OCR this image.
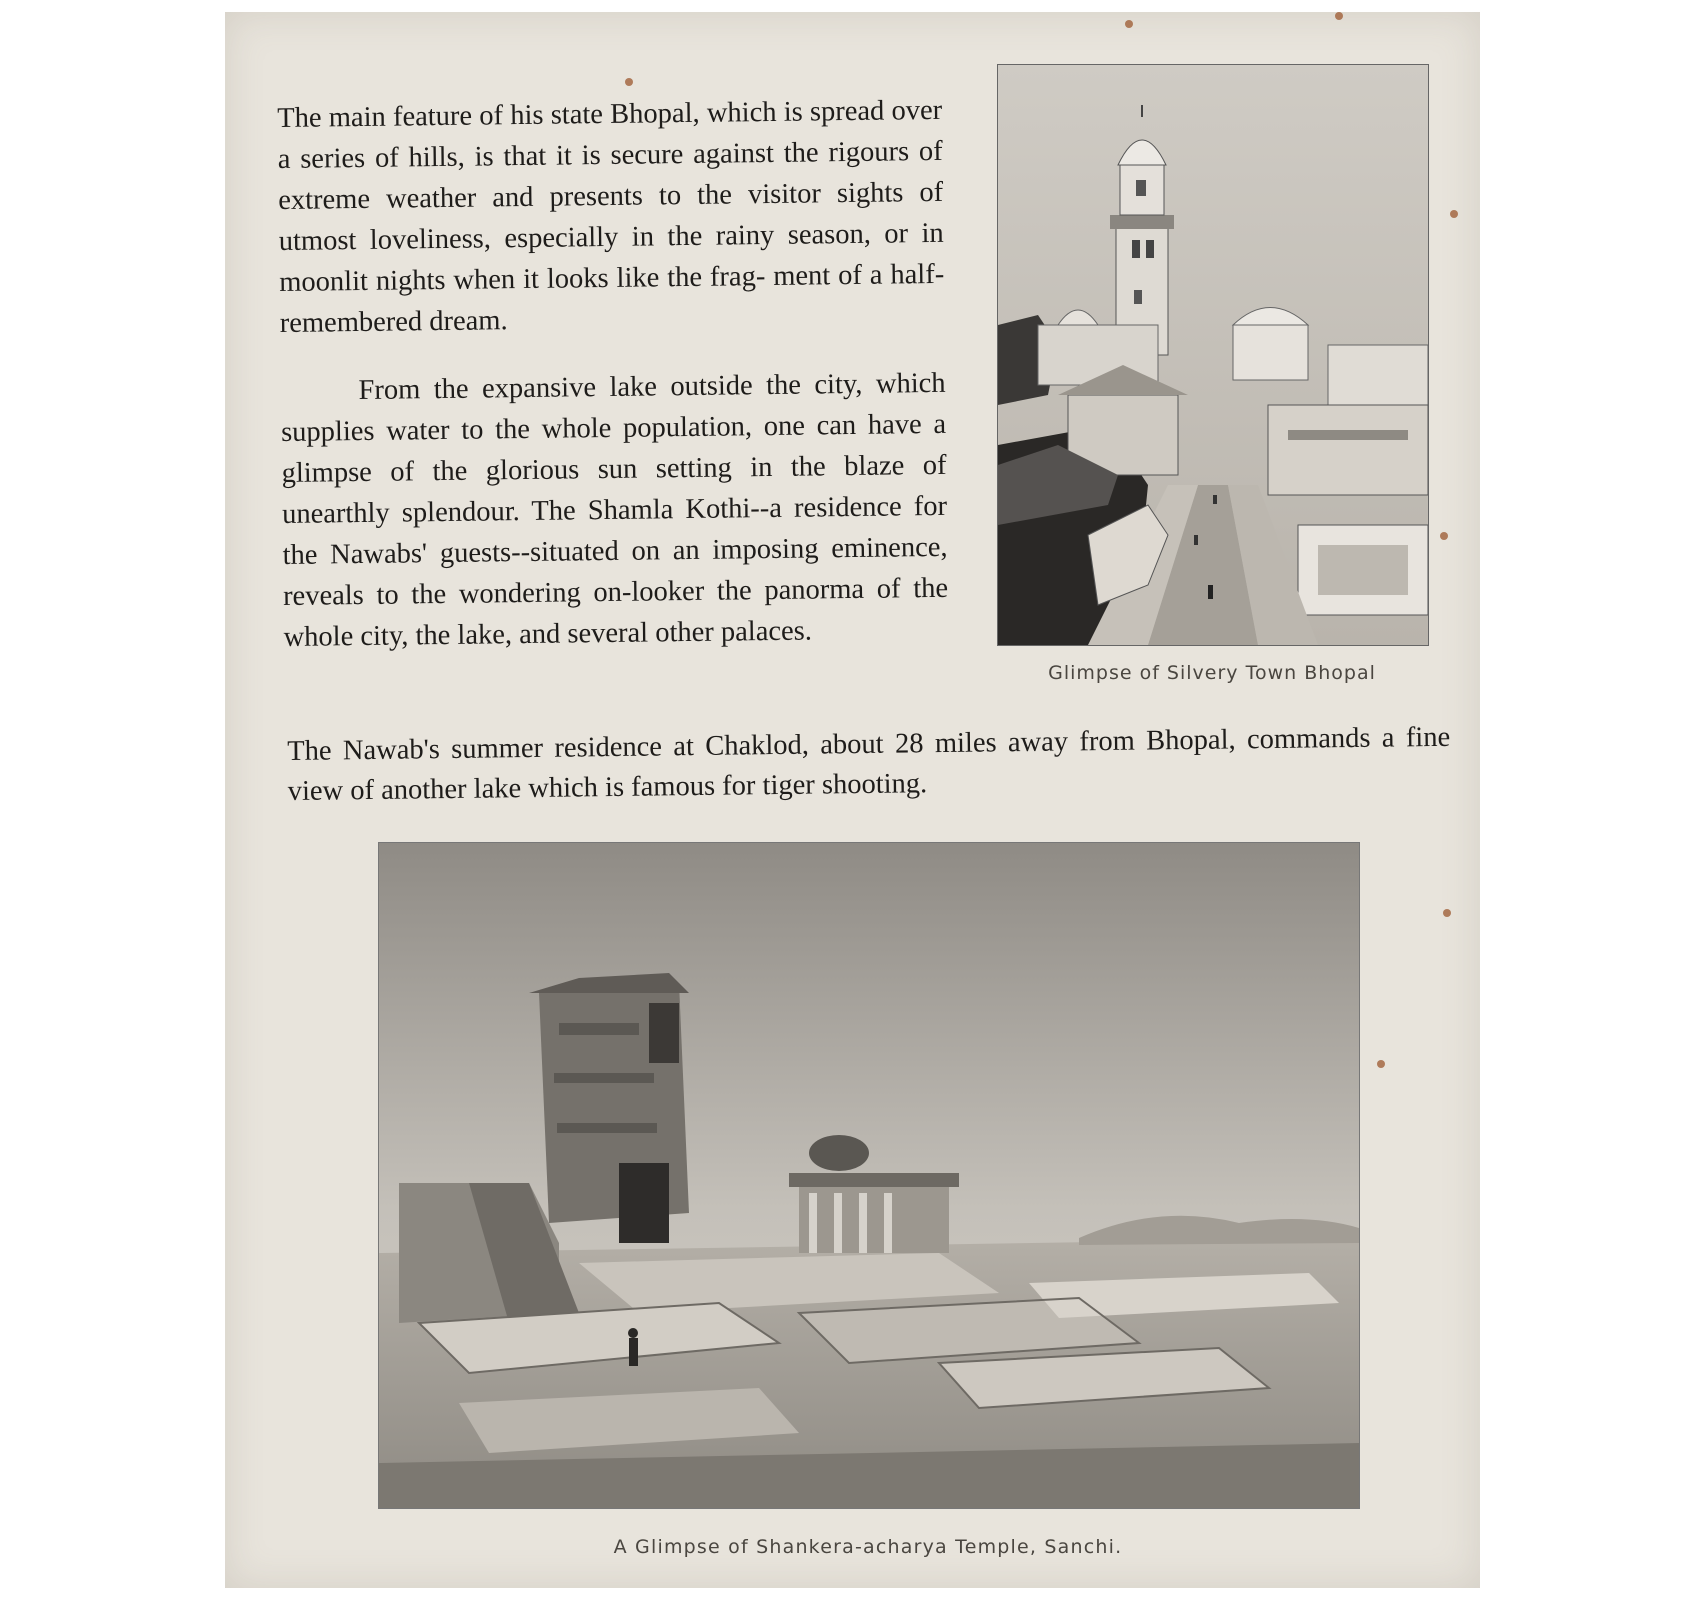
The main feature of his state Bhopal, which is spread over a series of hills, is that it is secure against the rigours of extreme weather and presents to the visitor sights of utmost loveliness, especially in the rainy season, or in moonlit nights when it looks like the frag- ment of a half-remembered dream.

From the expansive lake outside the city, which supplies water to the whole population, one can have a glimpse of the glorious sun setting in the blaze of unearthly splendour. The Shamla Kothi--a residence for the Nawabs' guests--situated on an imposing eminence, reveals to the wondering on-looker the panorma of the whole city, the lake, and several other palaces.

The Nawab's summer residence at Chaklod, about 28 miles away from Bhopal, commands a fine view of another lake which is famous for tiger shooting.

Glimpse of Silvery Town Bhopal
A Glimpse of Shankera-acharya Temple, Sanchi.
